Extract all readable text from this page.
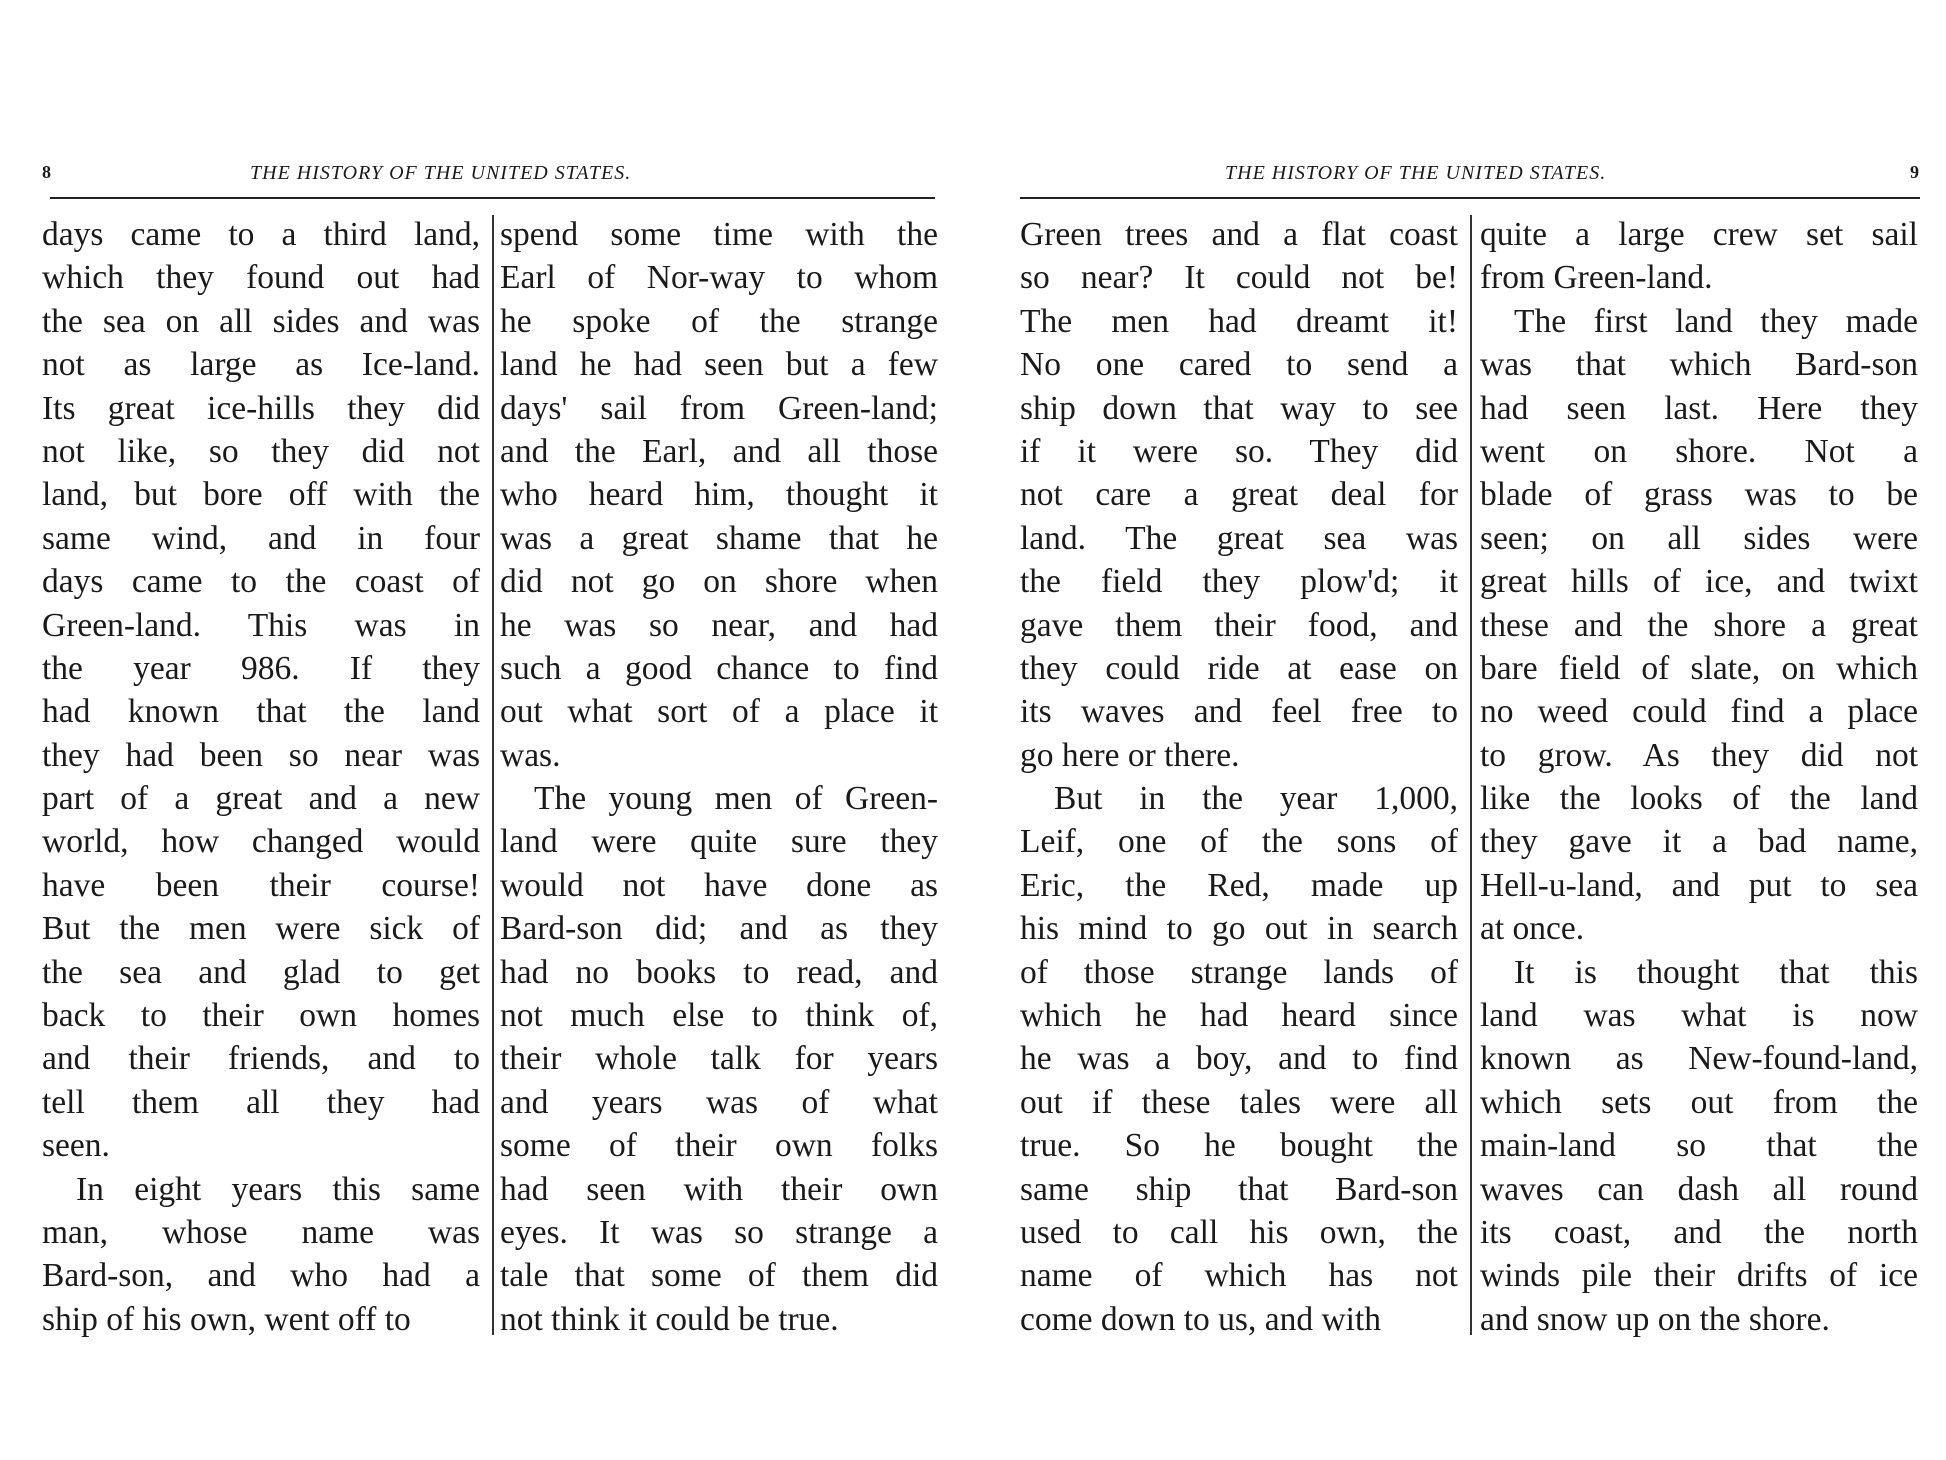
8	THE HISTORY OF THE UNITED STATES.
days came to a third land,
which they found out had
the sea on all sides and was
not as large as Ice-land.
Its great ice-hills they did
not like, so they did not
land, but bore off with the
same wind, and in four
days came to the coast of
Green-land. This was in
the year 986. If they
had known that the land
they had been so near was
part of a great and a new
world, how changed would
have been their course!
But the men were sick of
the sea and glad to get
back to their own homes
and their friends, and to
tell them all they had
seen.
In eight years this same
man, whose name was
Bard-son, and who had a
ship of his own, went off to
spend some time with the
Earl of Nor-way to whom
he spoke of the strange
land he had seen but a few
days' sail from Green-land;
and the Earl, and all those
who heard him, thought it
was a great shame that he
did not go on shore when
he was so near, and had
such a good chance to find
out what sort of a place it
was.
The young men of Green-
land were quite sure they
would not have done as
Bard-son did; and as they
had no books to read, and
not much else to think of,
their whole talk for years
and years was of what
some of their own folks
had seen with their own
eyes. It was so strange a
tale that some of them did
not think it could be true.
THE HISTORY OF THE UNITED STATES.	9
Green trees and a flat coast
so near? It could not be!
The men had dreamt it!
No one cared to send a
ship down that way to see
if it were so. They did
not care a great deal for
land. The great sea was
the field they plow'd; it
gave them their food, and
they could ride at ease on
its waves and feel free to
go here or there.
But in the year 1,000,
Leif, one of the sons of
Eric, the Red, made up
his mind to go out in search
of those strange lands of
which he had heard since
he was a boy, and to find
out if these tales were all
true. So he bought the
same ship that Bard-son
used to call his own, the
name of which has not
come down to us, and with
quite a large crew set sail
from Green-land.
The first land they made
was that which Bard-son
had seen last. Here they
went on shore. Not a
blade of grass was to be
seen; on all sides were
great hills of ice, and twixt
these and the shore a great
bare field of slate, on which
no weed could find a place
to grow. As they did not
like the looks of the land
they gave it a bad name,
Hell-u-land, and put to sea
at once.
It is thought that this
land was what is now
known as New-found-land,
which sets out from the
main-land so that the
waves can dash all round
its coast, and the north
winds pile their drifts of ice
and snow up on the shore.
